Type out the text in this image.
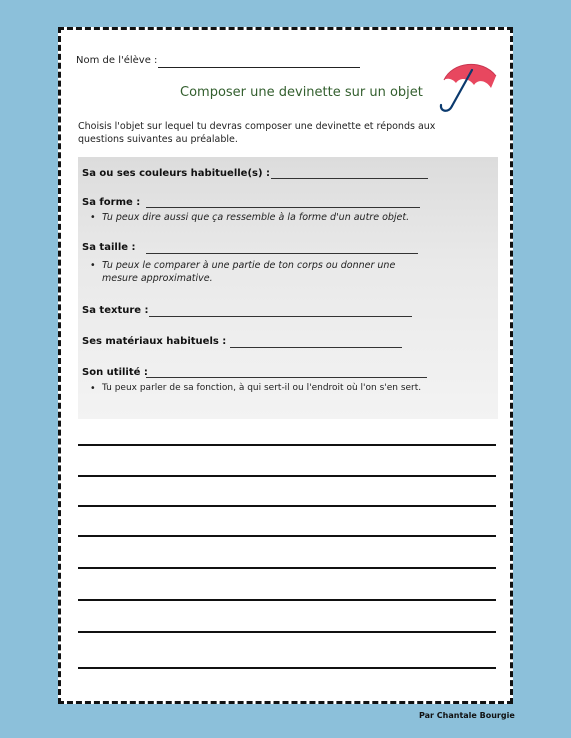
Nom de l'élève :
Composer une devinette sur un objet
Choisis l'objet sur lequel tu devras composer une devinette et réponds aux
questions suivantes au préalable.
Sa ou ses couleurs habituelle(s) :
Sa forme :
• Tu peux dire aussi que ça ressemble à la forme d'un autre objet.
Sa taille :
• Tu peux le comparer à une partie de ton corps ou donner une
mesure approximative.
Sa texture :
Ses matériaux habituels :
Son utilité :
• Tu peux parler de sa fonction, à qui sert-il ou l'endroit où l'on s'en sert.
Par Chantale Bourgie
